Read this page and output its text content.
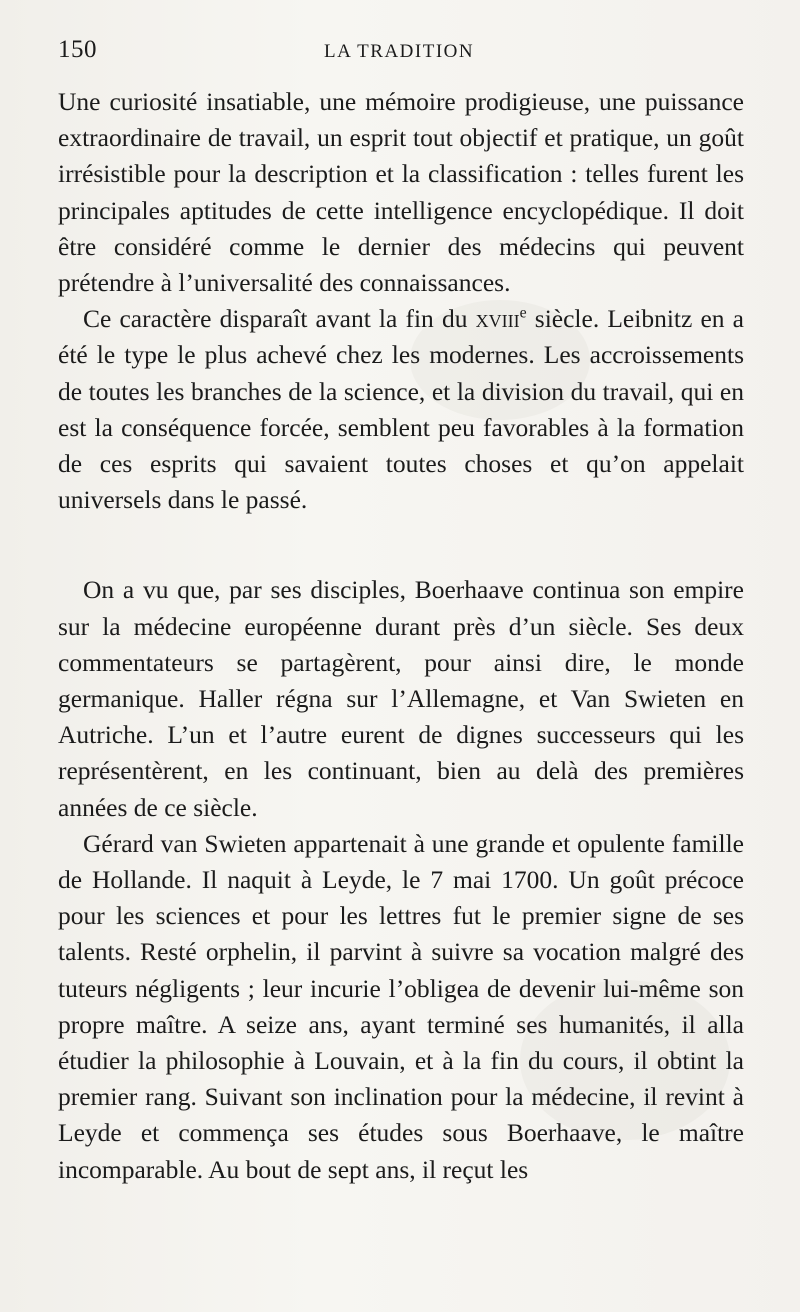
150	LA TRADITION

Une curiosité insatiable, une mémoire prodigieuse, une puissance extraordinaire de travail, un esprit tout objectif et pratique, un goût irrésistible pour la description et la classification : telles furent les principales aptitudes de cette intelligence encyclopédique. Il doit être considéré comme le dernier des médecins qui peuvent prétendre à l’universalité des connaissances.

Ce caractère disparaît avant la fin du xviii$^e$ siècle. Leibnitz en a été le type le plus achevé chez les modernes. Les accroissements de toutes les branches de la science, et la division du travail, qui en est la conséquence forcée, semblent peu favorables à la formation de ces esprits qui savaient toutes choses et qu’on appelait universels dans le passé.

On a vu que, par ses disciples, Boerhaave continua son empire sur la médecine européenne durant près d’un siècle. Ses deux commentateurs se partagèrent, pour ainsi dire, le monde germanique. Haller régna sur l’Allemagne, et Van Swieten en Autriche. L’un et l’autre eurent de dignes successeurs qui les représentèrent, en les continuant, bien au delà des premières années de ce siècle.

Gérard van Swieten appartenait à une grande et opulente famille de Hollande. Il naquit à Leyde, le 7 mai 1700. Un goût précoce pour les sciences et pour les lettres fut le premier signe de ses talents. Resté orphelin, il parvint à suivre sa vocation malgré des tuteurs négligents ; leur incurie l’obligea de devenir lui-même son propre maître. A seize ans, ayant terminé ses humanités, il alla étudier la philosophie à Louvain, et à la fin du cours, il obtint la premier rang. Suivant son inclination pour la médecine, il revint à Leyde et commença ses études sous Boerhaave, le maître incomparable. Au bout de sept ans, il reçut les
